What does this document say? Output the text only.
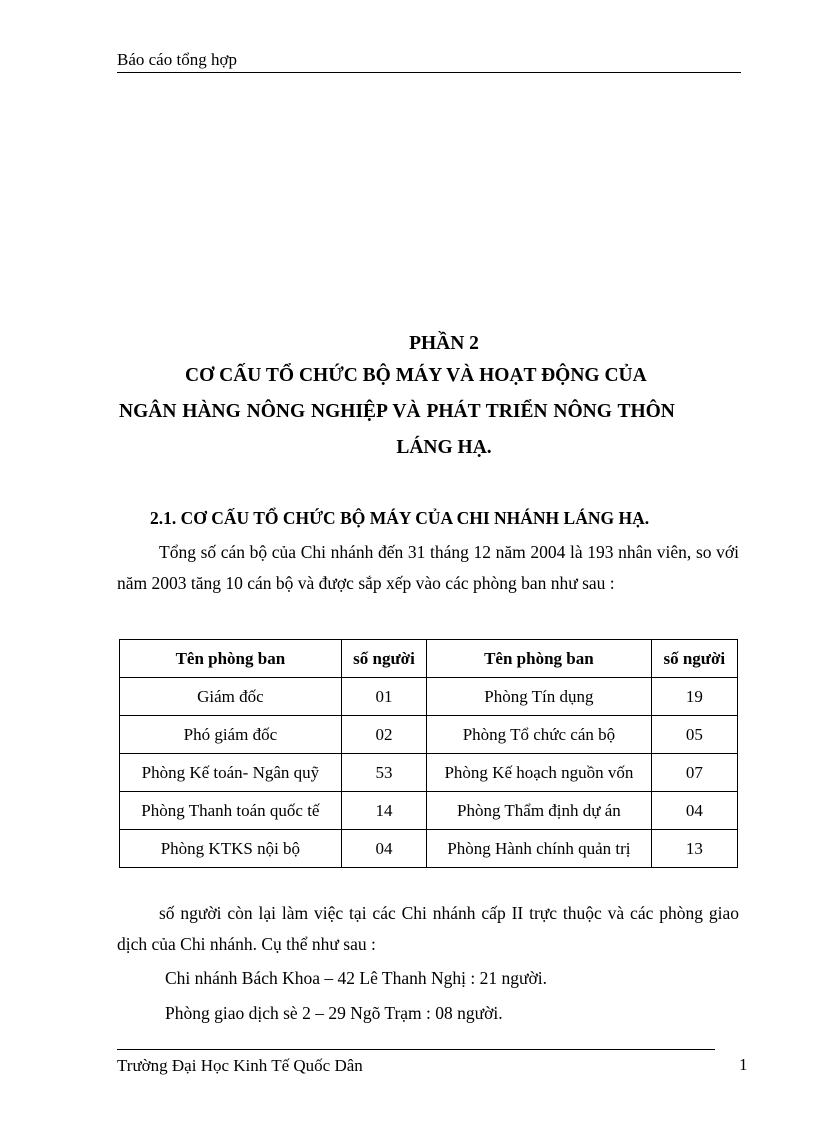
Báo cáo tổng hợp
PHẦN 2
CƠ CẤU TỔ CHỨC BỘ MÁY VÀ HOẠT ĐỘNG CỦA
NGÂN HÀNG NÔNG NGHIỆP VÀ PHÁT TRIỂN NÔNG THÔN
LÁNG HẠ.
2.1. CƠ CẤU TỔ CHỨC BỘ MÁY CỦA CHI NHÁNH LÁNG HẠ.
Tổng số cán bộ của Chi nhánh đến 31 tháng 12 năm 2004 là 193 nhân viên, so với năm 2003 tăng 10 cán bộ và được sắp xếp vào các phòng ban như sau :
Tên phòng ban	số người	Tên phòng ban	số người
Giám đốc	01	Phòng Tín dụng	19
Phó giám đốc	02	Phòng Tổ chức cán bộ	05
Phòng Kế toán- Ngân quỹ	53	Phòng Kế hoạch nguồn vốn	07
Phòng Thanh toán quốc tế	14	Phòng Thẩm định dự án	04
Phòng KTKS nội bộ	04	Phòng Hành chính quản trị	13
số người còn lại làm việc tại các Chi nhánh cấp II trực thuộc và các phòng giao dịch của Chi nhánh. Cụ thể như sau :
Chi nhánh Bách Khoa – 42 Lê Thanh Nghị : 21 người.
Phòng giao dịch sè 2 – 29 Ngõ Trạm : 08 người.
Trường Đại Học Kinh Tế Quốc Dân	1
